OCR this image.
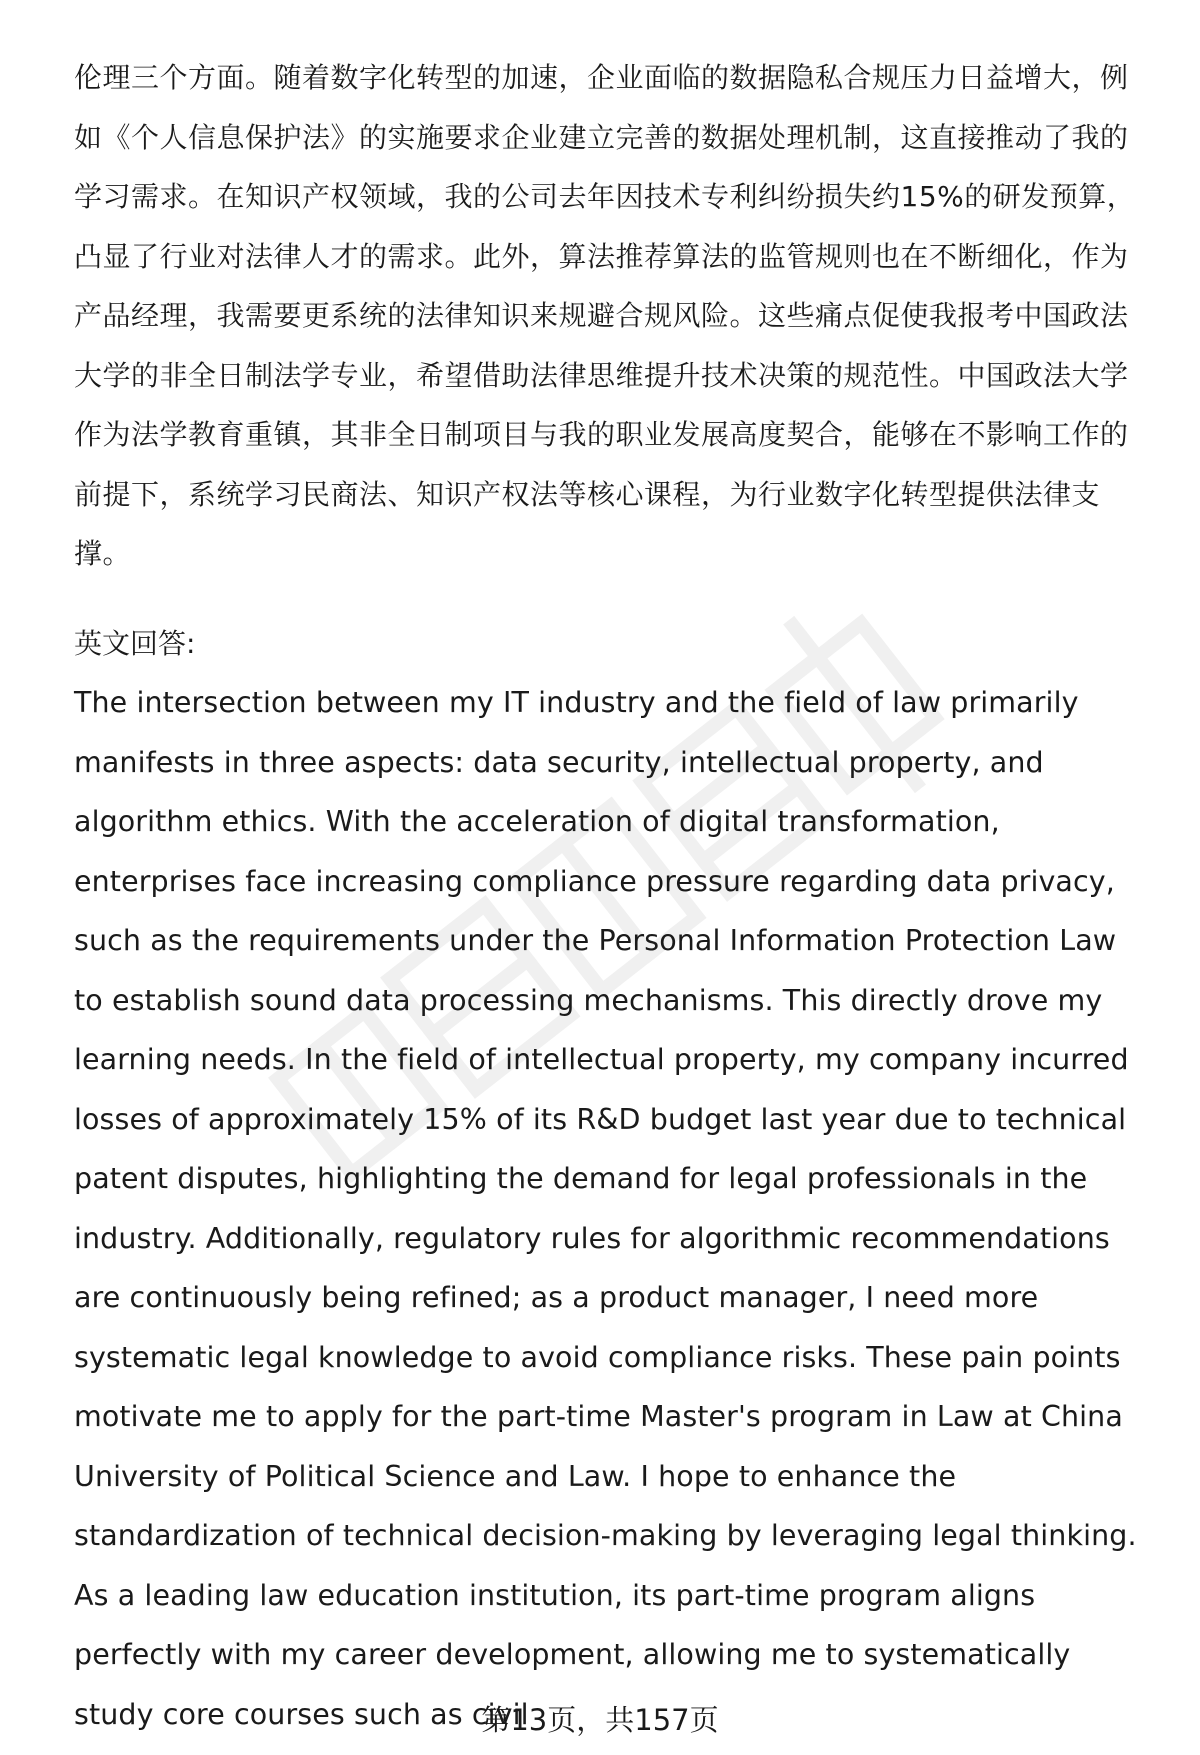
伦理三个方面。随着数字化转型的加速，企业面临的数据隐私合规压力日益增大，例如《个人信息保护法》的实施要求企业建立完善的数据处理机制，这直接推动了我的学习需求。在知识产权领域，我的公司去年因技术专利纠纷损失约15%的研发预算，凸显了行业对法律人才的需求。此外，算法推荐算法的监管规则也在不断细化，作为产品经理，我需要更系统的法律知识来规避合规风险。这些痛点促使我报考中国政法大学的非全日制法学专业，希望借助法律思维提升技术决策的规范性。中国政法大学作为法学教育重镇，其非全日制项目与我的职业发展高度契合，能够在不影响工作的前提下，系统学习民商法、知识产权法等核心课程，为行业数字化转型提供法律支撑。

英文回答:

The intersection between my IT industry and the field of law primarily manifests in three aspects: data security, intellectual property, and algorithm ethics. With the acceleration of digital transformation, enterprises face increasing compliance pressure regarding data privacy, such as the requirements under the Personal Information Protection Law to establish sound data processing mechanisms. This directly drove my learning needs. In the field of intellectual property, my company incurred losses of approximately 15% of its R&D budget last year due to technical patent disputes, highlighting the demand for legal professionals in the industry. Additionally, regulatory rules for algorithmic recommendations are continuously being refined; as a product manager, I need more systematic legal knowledge to avoid compliance risks. These pain points motivate me to apply for the part-time Master's program in Law at China University of Political Science and Law. I hope to enhance the standardization of technical decision-making by leveraging legal thinking. As a leading law education institution, its part-time program aligns perfectly with my career development, allowing me to systematically study core courses such as civil

第13页，共157页
